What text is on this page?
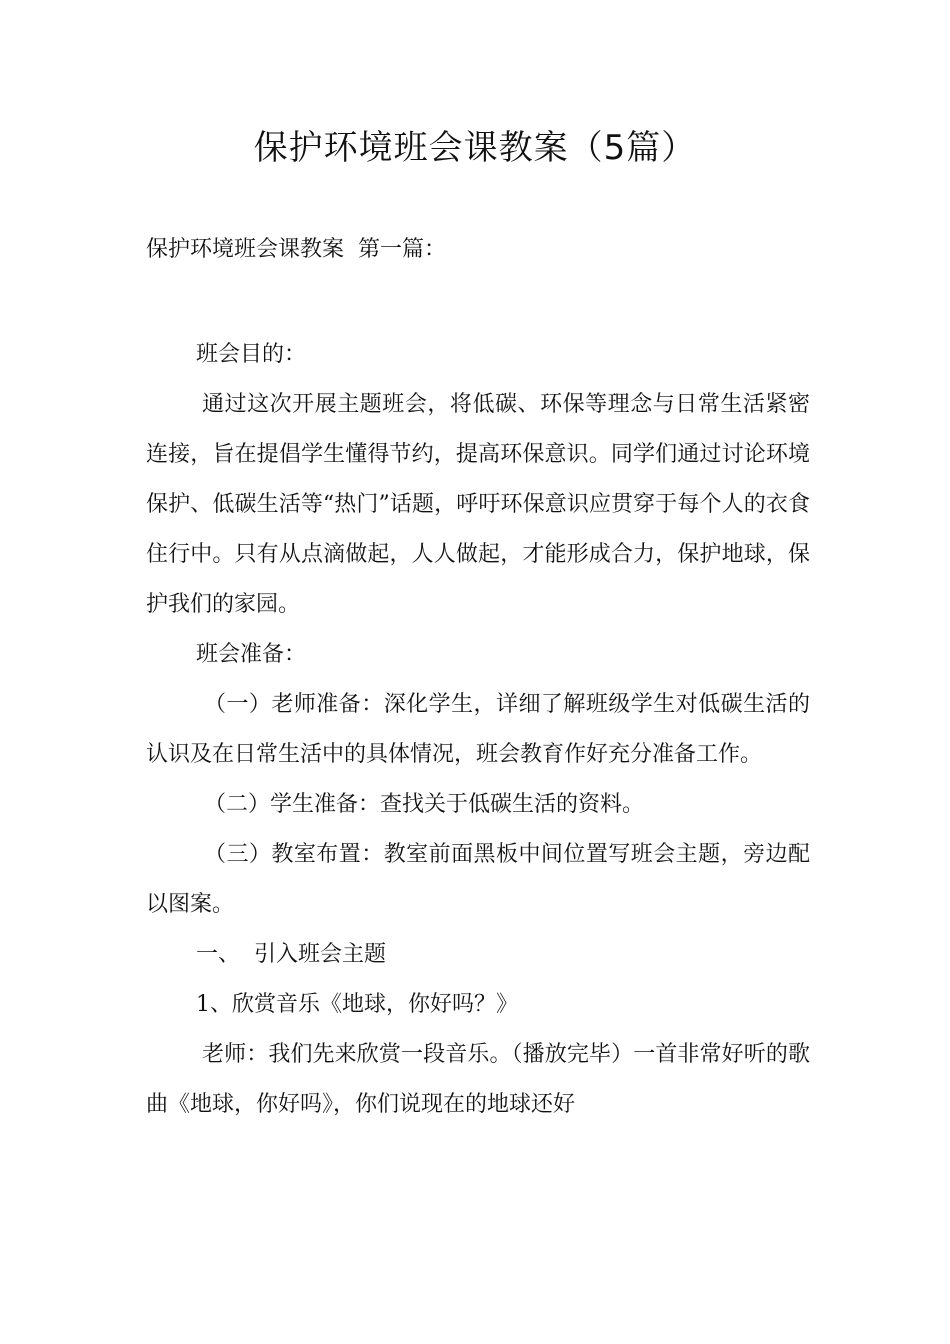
保护环境班会课教案（5篇）
保护环境班会课教案  第一篇：

班会目的：

通过这次开展主题班会，将低碳、环保等理念与日常生活紧密连接，旨在提倡学生懂得节约，提高环保意识。同学们通过讨论环境保护、低碳生活等“热门”话题，呼吁环保意识应贯穿于每个人的衣食住行中。只有从点滴做起，人人做起，才能形成合力，保护地球，保护我们的家园。

班会准备：

（一）老师准备：深化学生，详细了解班级学生对低碳生活的认识及在日常生活中的具体情况，班会教育作好充分准备工作。

（二）学生准备：查找关于低碳生活的资料。

（三）教室布置：教室前面黑板中间位置写班会主题，旁边配以图案。

一、  引入班会主题

1、欣赏音乐《地球，你好吗？》

老师：我们先来欣赏一段音乐。（播放完毕）一首非常好听的歌曲《地球，你好吗》，你们说现在的地球还好
